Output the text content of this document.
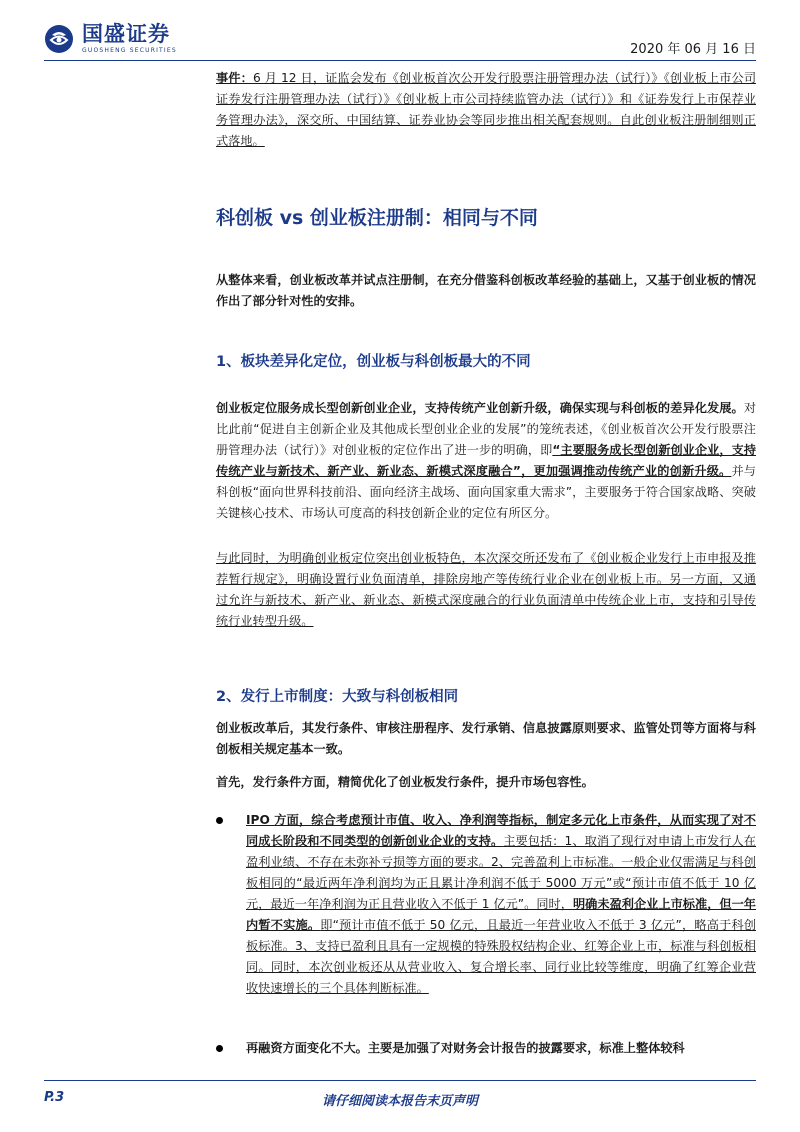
国盛证券
GUOSHENG SECURITIES	2020 年 06 月 16 日

事件：6 月 12 日，证监会发布《创业板首次公开发行股票注册管理办法（试行）》《创业板上市公司证券发行注册管理办法（试行）》《创业板上市公司持续监管办法（试行）》和《证券发行上市保荐业务管理办法》，深交所、中国结算、证券业协会等同步推出相关配套规则。自此创业板注册制细则正式落地。

科创板 vs 创业板注册制：相同与不同

从整体来看，创业板改革并试点注册制，在充分借鉴科创板改革经验的基础上，又基于创业板的情况作出了部分针对性的安排。

1、板块差异化定位，创业板与科创板最大的不同

创业板定位服务成长型创新创业企业，支持传统产业创新升级，确保实现与科创板的差异化发展。对比此前“促进自主创新企业及其他成长型创业企业的发展”的笼统表述，《创业板首次公开发行股票注册管理办法（试行）》对创业板的定位作出了进一步的明确，即“主要服务成长型创新创业企业，支持传统产业与新技术、新产业、新业态、新模式深度融合”，更加强调推动传统产业的创新升级。并与科创板“面向世界科技前沿、面向经济主战场、面向国家重大需求”，主要服务于符合国家战略、突破关键核心技术、市场认可度高的科技创新企业的定位有所区分。

与此同时，为明确创业板定位突出创业板特色，本次深交所还发布了《创业板企业发行上市申报及推荐暂行规定》，明确设置行业负面清单，排除房地产等传统行业企业在创业板上市。另一方面，又通过允许与新技术、新产业、新业态、新模式深度融合的行业负面清单中传统企业上市，支持和引导传统行业转型升级。

2、发行上市制度：大致与科创板相同

创业板改革后，其发行条件、审核注册程序、发行承销、信息披露原则要求、监管处罚等方面将与科创板相关规定基本一致。

首先，发行条件方面，精简优化了创业板发行条件，提升市场包容性。

IPO 方面，综合考虑预计市值、收入、净利润等指标，制定多元化上市条件，从而实现了对不同成长阶段和不同类型的创新创业企业的支持。主要包括：1、取消了现行对申请上市发行人在盈利业绩、不存在未弥补亏损等方面的要求。2、完善盈利上市标准。一般企业仅需满足与科创板相同的“最近两年净利润均为正且累计净利润不低于 5000 万元”或“预计市值不低于 10 亿元，最近一年净利润为正且营业收入不低于 1 亿元”。同时，明确未盈利企业上市标准，但一年内暂不实施。即“预计市值不低于 50 亿元，且最近一年营业收入不低于 3 亿元”，略高于科创板标准。3、支持已盈利且具有一定规模的特殊股权结构企业、红筹企业上市，标准与科创板相同。同时，本次创业板还从从营业收入、复合增长率、同行业比较等维度，明确了红筹企业营收快速增长的三个具体判断标准。

再融资方面变化不大。主要是加强了对财务会计报告的披露要求，标准上整体较科

P.3	请仔细阅读本报告末页声明
